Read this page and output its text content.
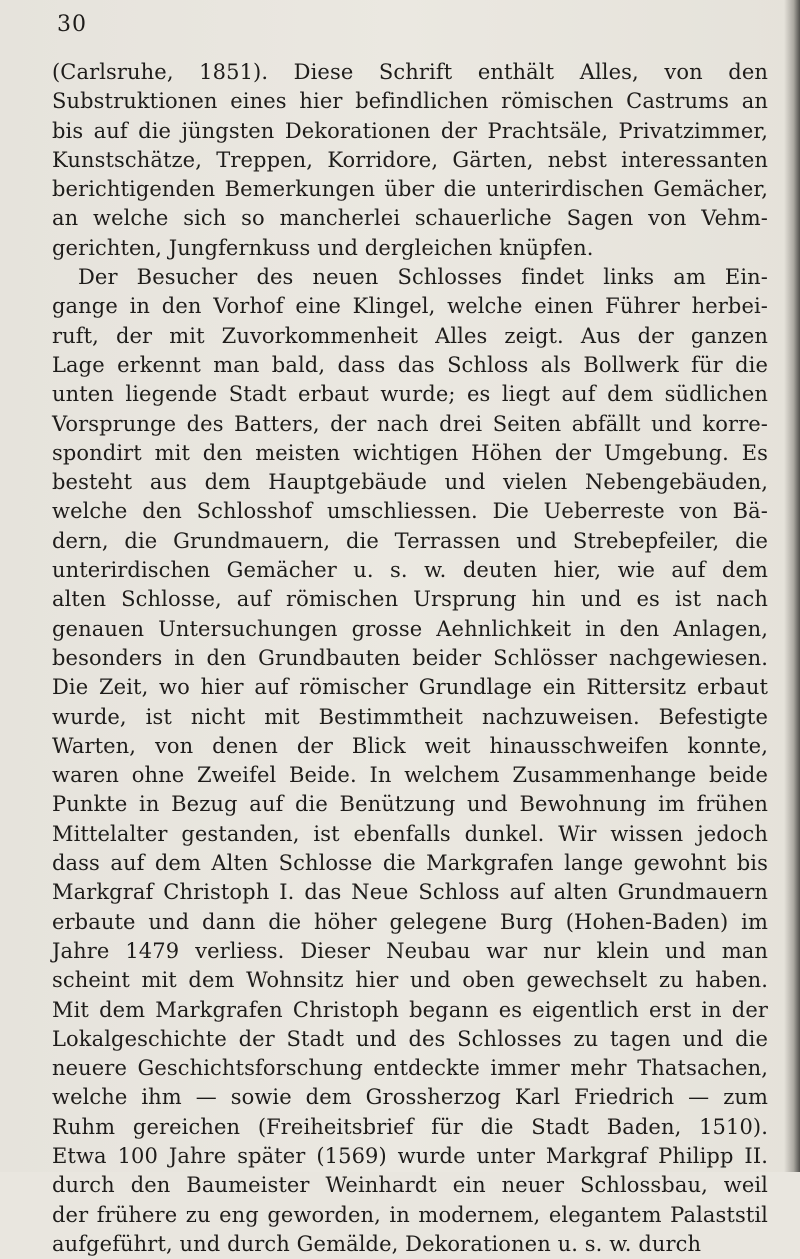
30
(Carlsruhe, 1851). Diese Schrift enthält Alles, von den
Substruktionen eines hier befindlichen römischen Castrums an
bis auf die jüngsten Dekorationen der Prachtsäle, Privatzimmer,
Kunstschätze, Treppen, Korridore, Gärten, nebst interessanten
berichtigenden Bemerkungen über die unterirdischen Gemächer,
an welche sich so mancherlei schauerliche Sagen von Vehm-
gerichten, Jungfernkuss und dergleichen knüpfen.
Der Besucher des neuen Schlosses findet links am Ein-
gange in den Vorhof eine Klingel, welche einen Führer herbei-
ruft, der mit Zuvorkommenheit Alles zeigt. Aus der ganzen
Lage erkennt man bald, dass das Schloss als Bollwerk für die
unten liegende Stadt erbaut wurde; es liegt auf dem südlichen
Vorsprunge des Batters, der nach drei Seiten abfällt und korre-
spondirt mit den meisten wichtigen Höhen der Umgebung. Es
besteht aus dem Hauptgebäude und vielen Nebengebäuden,
welche den Schlosshof umschliessen. Die Ueberreste von Bä-
dern, die Grundmauern, die Terrassen und Strebepfeiler, die
unterirdischen Gemächer u. s. w. deuten hier, wie auf dem
alten Schlosse, auf römischen Ursprung hin und es ist nach
genauen Untersuchungen grosse Aehnlichkeit in den Anlagen,
besonders in den Grundbauten beider Schlösser nachgewiesen.
Die Zeit, wo hier auf römischer Grundlage ein Rittersitz erbaut
wurde, ist nicht mit Bestimmtheit nachzuweisen. Befestigte
Warten, von denen der Blick weit hinausschweifen konnte,
waren ohne Zweifel Beide. In welchem Zusammenhange beide
Punkte in Bezug auf die Benützung und Bewohnung im frühen
Mittelalter gestanden, ist ebenfalls dunkel. Wir wissen jedoch
dass auf dem Alten Schlosse die Markgrafen lange gewohnt bis
Markgraf Christoph I. das Neue Schloss auf alten Grundmauern
erbaute und dann die höher gelegene Burg (Hohen-Baden) im
Jahre 1479 verliess. Dieser Neubau war nur klein und man
scheint mit dem Wohnsitz hier und oben gewechselt zu haben.
Mit dem Markgrafen Christoph begann es eigentlich erst in der
Lokalgeschichte der Stadt und des Schlosses zu tagen und die
neuere Geschichtsforschung entdeckte immer mehr Thatsachen,
welche ihm — sowie dem Grossherzog Karl Friedrich — zum
Ruhm gereichen (Freiheitsbrief für die Stadt Baden, 1510).
Etwa 100 Jahre später (1569) wurde unter Markgraf Philipp II.
durch den Baumeister Weinhardt ein neuer Schlossbau, weil
der frühere zu eng geworden, in modernem, elegantem Palaststil
aufgeführt, und durch Gemälde, Dekorationen u. s. w. durch
